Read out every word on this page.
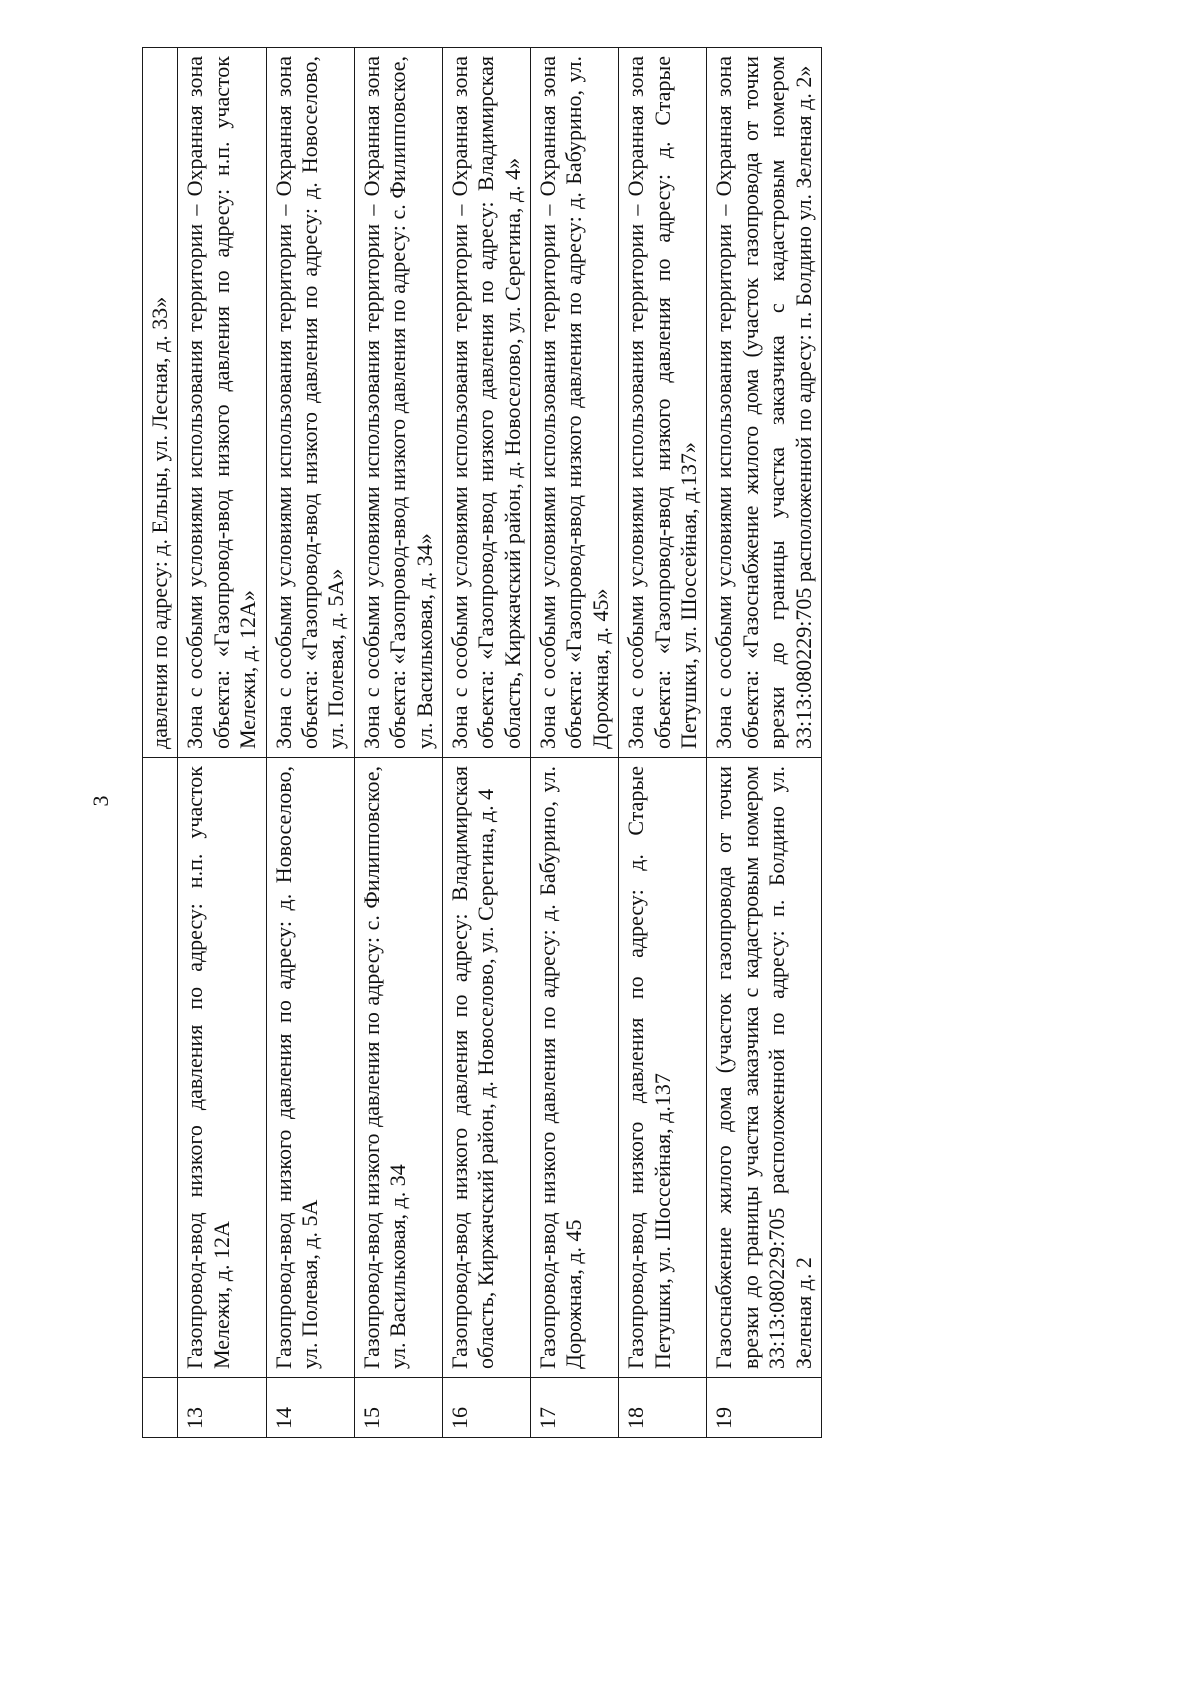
3
		давления по адресу: д. Ельцы, ул. Лесная, д. 33»
13	Газопровод-ввод низкого давления по адресу: н.п. участок Мележи, д. 12А	Зона с особыми условиями использования территории – Охранная зона объекта: «Газопровод-ввод низкого давления по адресу: н.п. участок Мележи, д. 12А»
14	Газопровод-ввод низкого давления по адресу: д. Новоселово, ул. Полевая, д. 5А	Зона с особыми условиями использования территории – Охранная зона объекта: «Газопровод-ввод низкого давления по адресу: д. Новоселово, ул. Полевая, д. 5А»
15	Газопровод-ввод низкого давления по адресу: с. Филипповское, ул. Васильковая, д. 34	Зона с особыми условиями использования территории – Охранная зона объекта: «Газопровод-ввод низкого давления по адресу: с. Филипповское, ул. Васильковая, д. 34»
16	Газопровод-ввод низкого давления по адресу: Владимирская область, Киржачский район, д. Новоселово, ул. Серегина, д. 4	Зона с особыми условиями использования территории – Охранная зона объекта: «Газопровод-ввод низкого давления по адресу: Владимирская область, Киржачский район, д. Новоселово, ул. Серегина, д. 4»
17	Газопровод-ввод низкого давления по адресу: д. Бабурино, ул. Дорожная, д. 45	Зона с особыми условиями использования территории – Охранная зона объекта: «Газопровод-ввод низкого давления по адресу: д. Бабурино, ул. Дорожная, д. 45»
18	Газопровод-ввод низкого давления по адресу: д. Старые Петушки, ул. Шоссейная, д.137	Зона с особыми условиями использования территории – Охранная зона объекта: «Газопровод-ввод низкого давления по адресу: д. Старые Петушки, ул. Шоссейная, д.137»
19	Газоснабжение жилого дома (участок газопровода от точки врезки до границы участка заказчика с кадастровым номером 33:13:080229:705 расположенной по адресу: п. Болдино ул. Зеленая д. 2	Зона с особыми условиями использования территории – Охранная зона объекта: «Газоснабжение жилого дома (участок газопровода от точки врезки до границы участка заказчика с кадастровым номером 33:13:080229:705 расположенной по адресу: п. Болдино ул. Зеленая д. 2»
